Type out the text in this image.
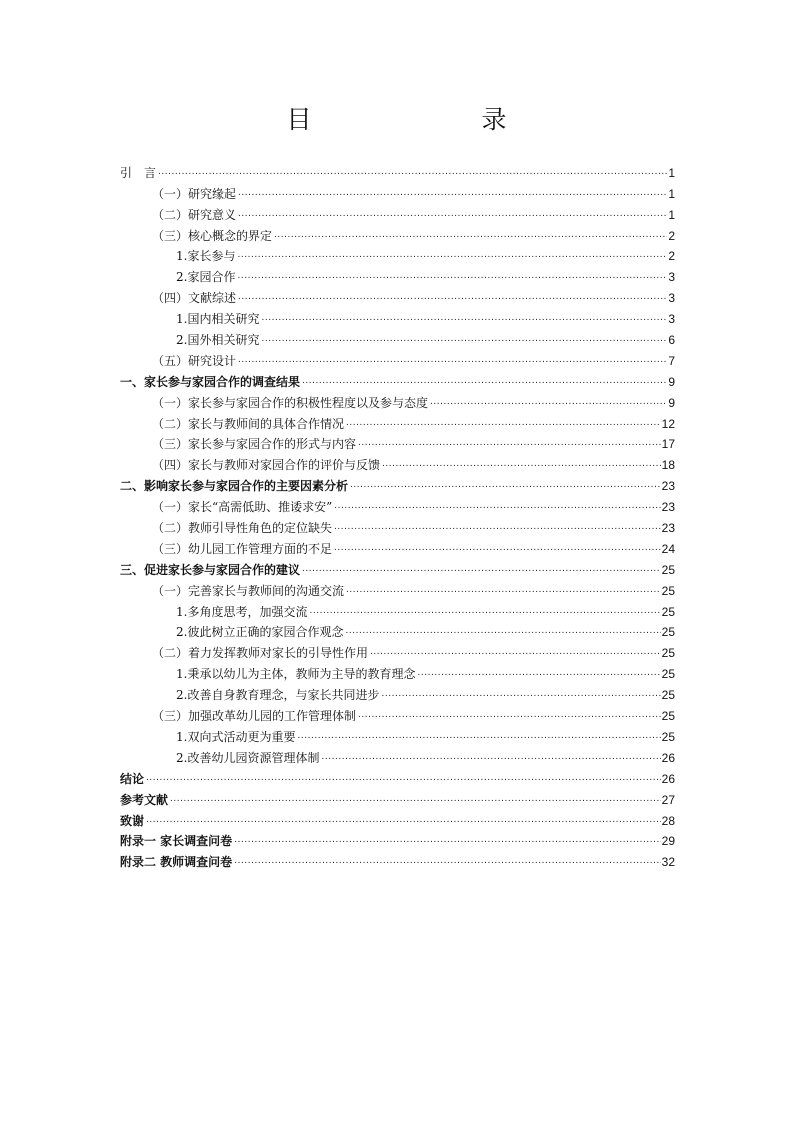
目　　录
引　言 .....	1
（一）研究缘起 .....	1
（二）研究意义 .....	1
（三）核心概念的界定 .....	2
1.家长参与 .....	2
2.家园合作 .....	3
（四）文献综述 .....	3
1.国内相关研究 .....	3
2.国外相关研究 .....	6
（五）研究设计 .....	7
一、家长参与家园合作的调查结果 .....	9
（一）家长参与家园合作的积极性程度以及参与态度 .....	9
（二）家长与教师间的具体合作情况 .....	12
（三）家长参与家园合作的形式与内容 .....	17
（四）家长与教师对家园合作的评价与反馈 .....	18
二、影响家长参与家园合作的主要因素分析 .....	23
（一）家长“高需低助、推诿求安” .....	23
（二）教师引导性角色的定位缺失 .....	23
（三）幼儿园工作管理方面的不足 .....	24
三、促进家长参与家园合作的建议 .....	25
（一）完善家长与教师间的沟通交流 .....	25
1.多角度思考，加强交流 .....	25
2.彼此树立正确的家园合作观念 .....	25
（二）着力发挥教师对家长的引导性作用 .....	25
1.秉承以幼儿为主体，教师为主导的教育理念 .....	25
2.改善自身教育理念，与家长共同进步 .....	25
（三）加强改革幼儿园的工作管理体制 .....	25
1.双向式活动更为重要 .....	25
2.改善幼儿园资源管理体制 .....	26
结论 .....	26
参考文献 .....	27
致谢 .....	28
附录一 家长调查问卷 .....	29
附录二 教师调查问卷 .....	32
